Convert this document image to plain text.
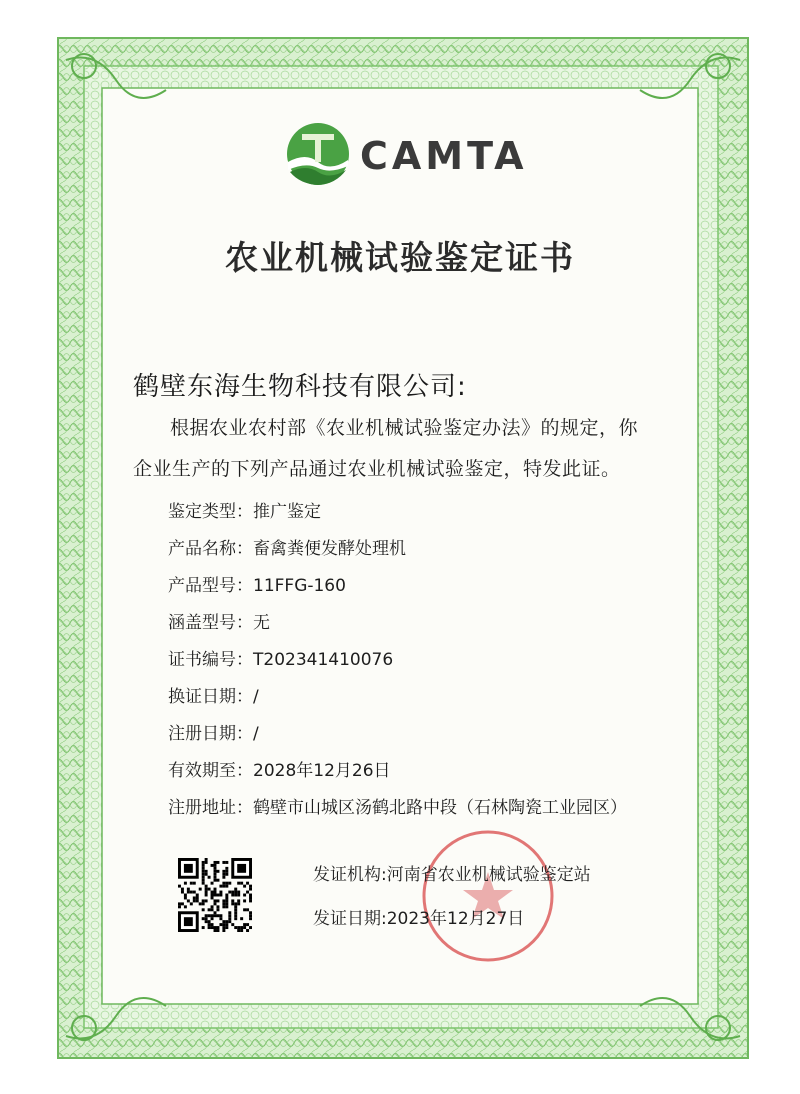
CAMTA
农业机械试验鉴定证书
鹤壁东海生物科技有限公司:
根据农业农村部《农业机械试验鉴定办法》的规定，你
企业生产的下列产品通过农业机械试验鉴定，特发此证。
鉴定类型：推广鉴定
产品名称：畜禽粪便发酵处理机
产品型号：11FFG-160
涵盖型号：无
证书编号：T202341410076
换证日期：/
注册日期：/
有效期至：2028年12月26日
注册地址：鹤壁市山城区汤鹤北路中段（石林陶瓷工业园区）
发证机构:河南省农业机械试验鉴定站
发证日期:2023年12月27日
